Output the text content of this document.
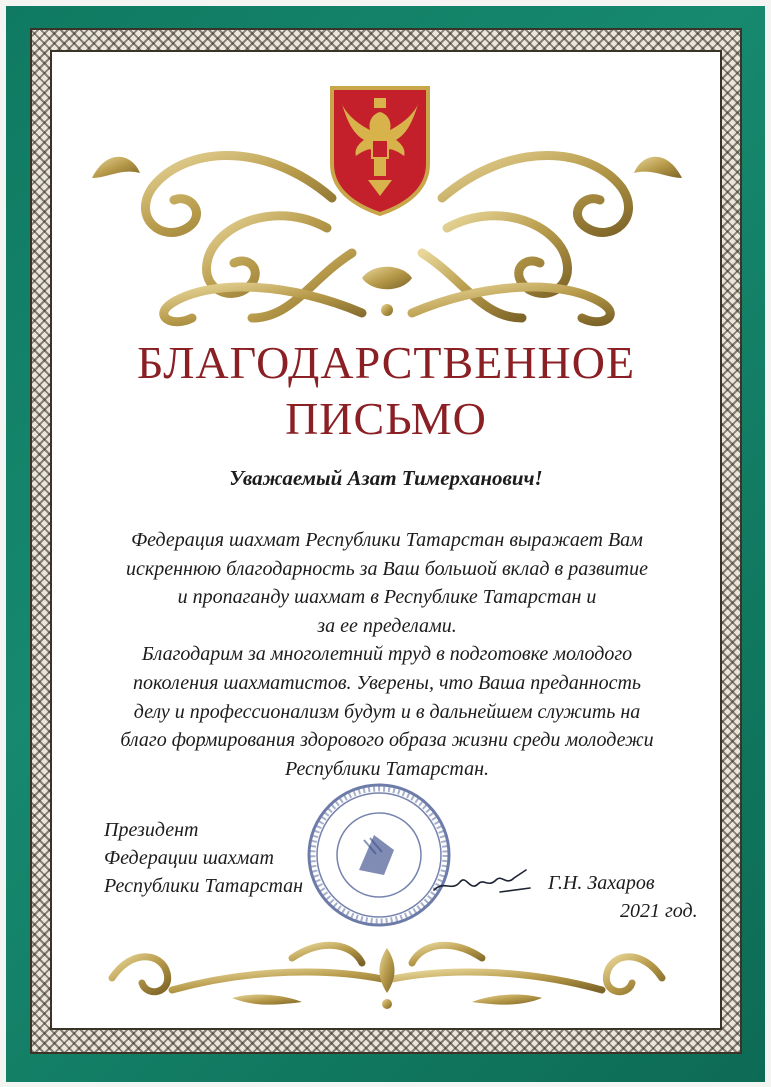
БЛАГОДАРСТВЕННОЕ
ПИСЬМО
Уважаемый Азат Тимерханович!
Федерация шахмат Республики Татарстан выражает Вам
искреннюю благодарность за Ваш большой вклад в развитие
и пропаганду шахмат в Республике Татарстан и
за ее пределами.
Благодарим за многолетний труд в подготовке молодого
поколения шахматистов. Уверены, что Ваша преданность
делу и профессионализм будут и в дальнейшем служить на
благо формирования здорового образа жизни среди молодежи
Республики Татарстан.
Президент
Федерации шахмат
Республики Татарстан	Г.Н. Захаров
2021 год.
